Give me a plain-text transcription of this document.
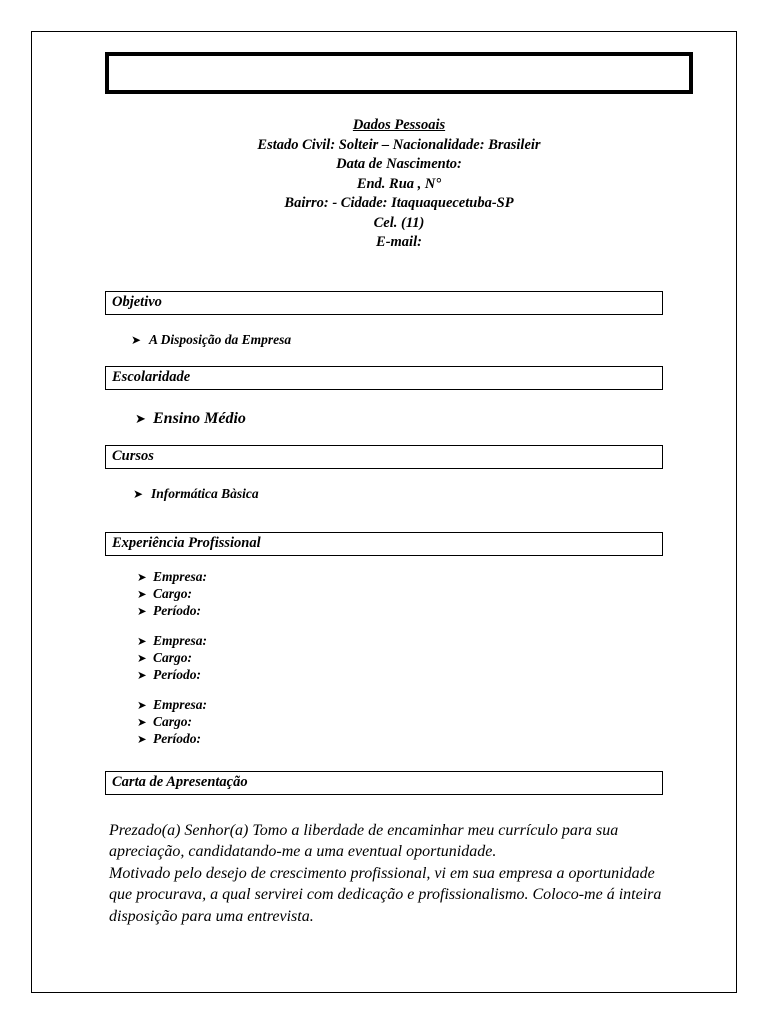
Dados Pessoais
Estado Civil: Solteir – Nacionalidade: Brasileir
Data de Nascimento:
End. Rua , N°
Bairro: - Cidade: Itaquaquecetuba-SP
Cel. (11)
E-mail:
Objetivo
➤ A Disposição da Empresa
Escolaridade
➤ Ensino Médio
Cursos
➤ Informática Bàsica
Experiência Profissional
➤ Empresa:
➤ Cargo:
➤ Período:
➤ Empresa:
➤ Cargo:
➤ Período:
➤ Empresa:
➤ Cargo:
➤ Período:
Carta de Apresentação

Prezado(a) Senhor(a) Tomo a liberdade de encaminhar meu currículo para sua apreciação, candidatando-me a uma eventual oportunidade.

Motivado pelo desejo de crescimento profissional, vi em sua empresa a oportunidade que procurava, a qual servirei com dedicação e profissionalismo. Coloco-me á inteira disposição para uma entrevista.
